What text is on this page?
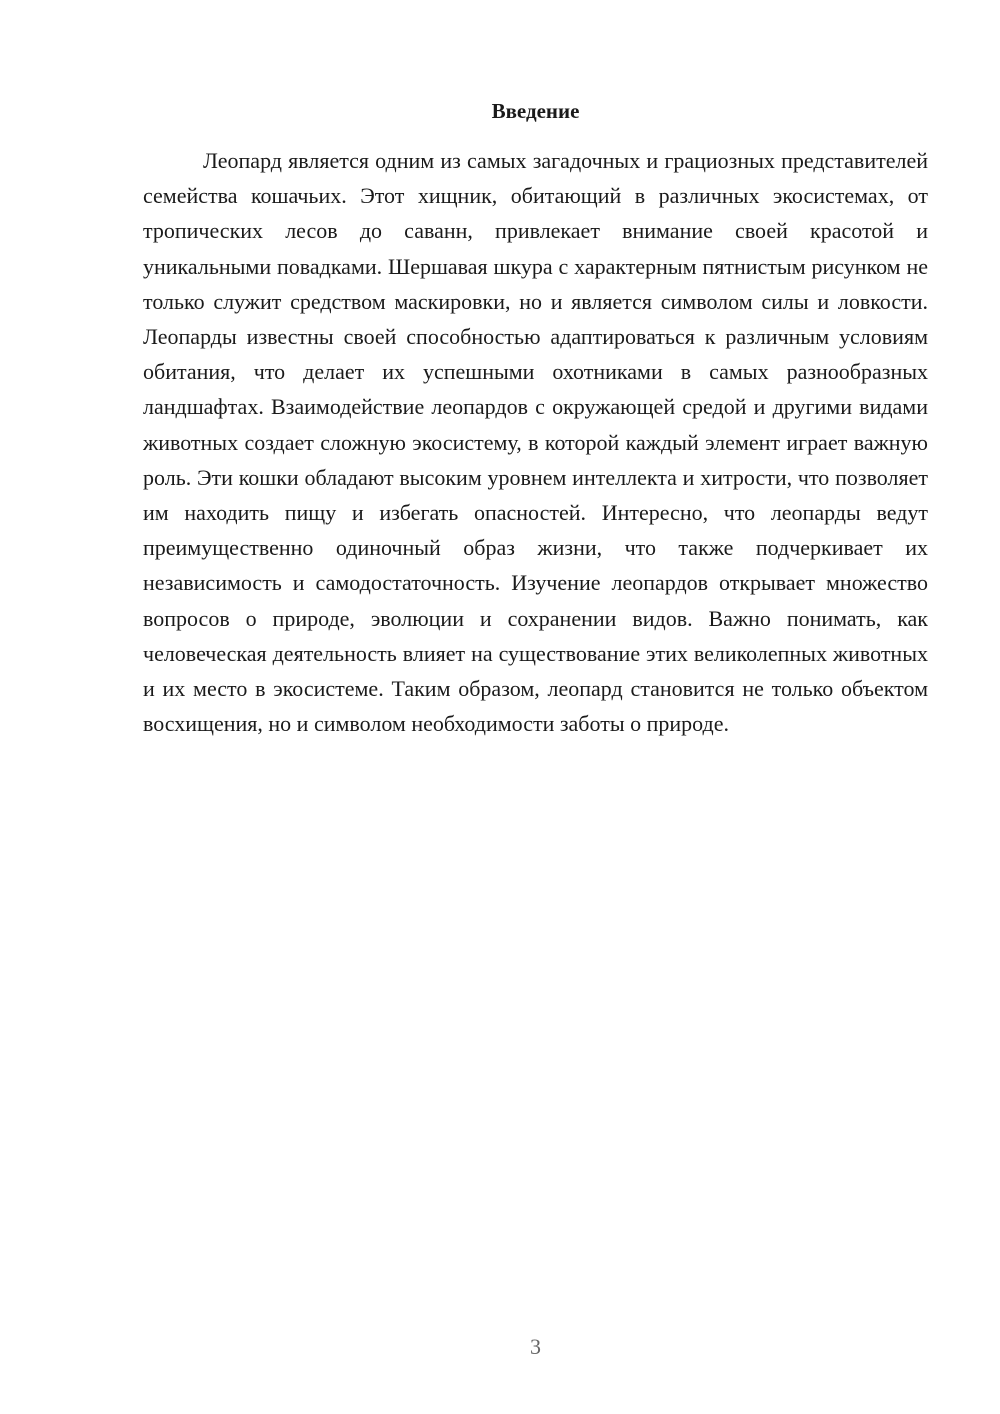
Введение

Леопард является одним из самых загадочных и грациозных представителей семейства кошачьих. Этот хищник, обитающий в различных экосистемах, от тропических лесов до саванн, привлекает внимание своей красотой и уникальными повадками. Шершавая шкура с характерным пятнистым рисунком не только служит средством маскировки, но и является символом силы и ловкости. Леопарды известны своей способностью адаптироваться к различным условиям обитания, что делает их успешными охотниками в самых разнообразных ландшафтах. Взаимодействие леопардов с окружающей средой и другими видами животных создает сложную экосистему, в которой каждый элемент играет важную роль. Эти кошки обладают высоким уровнем интеллекта и хитрости, что позволяет им находить пищу и избегать опасностей. Интересно, что леопарды ведут преимущественно одиночный образ жизни, что также подчеркивает их независимость и самодостаточность. Изучение леопардов открывает множество вопросов о природе, эволюции и сохранении видов. Важно понимать, как человеческая деятельность влияет на существование этих великолепных животных и их место в экосистеме. Таким образом, леопард становится не только объектом восхищения, но и символом необходимости заботы о природе.

3
